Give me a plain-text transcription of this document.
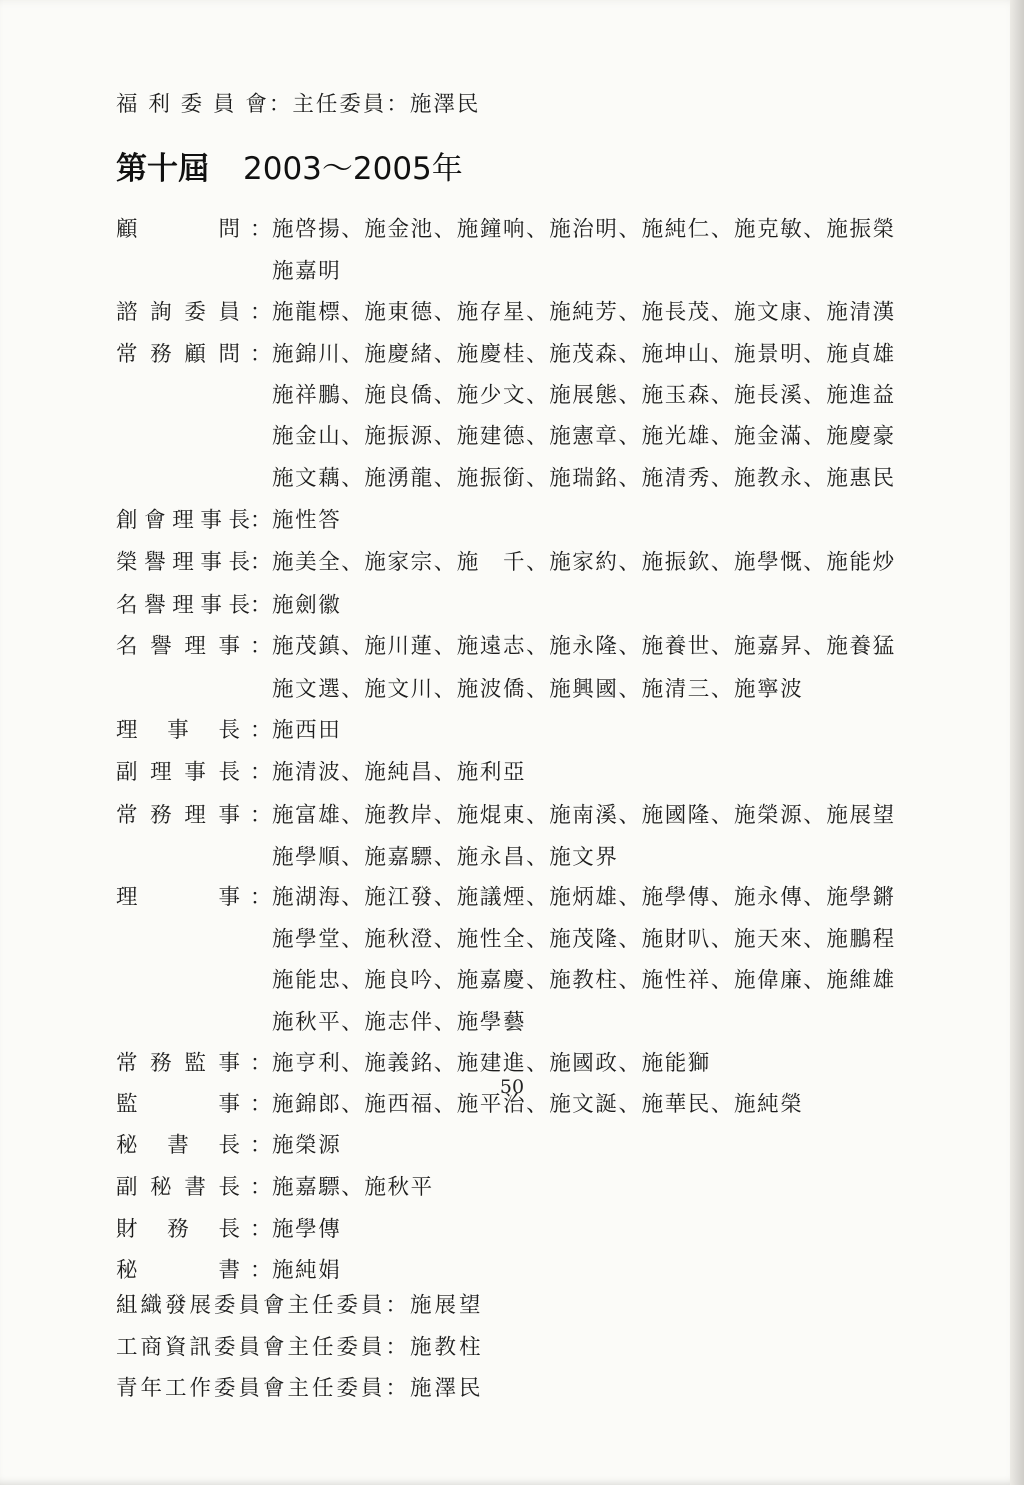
福 利 委 員 會：主任委員：施澤民
第十屆 2003～2005年
顧	問 ： 施啓揚、施金池、施鐘响、施治明、施純仁、施克敏、施振榮
施嘉明
諮 詢 委 員 ： 施龍標、施東德、施存星、施純芳、施長茂、施文康、施清漢
常 務 顧 問 ： 施錦川、施慶緒、施慶桂、施茂森、施坤山、施景明、施貞雄
施祥鵬、施良僑、施少文、施展態、施玉森、施長溪、施進益
施金山、施振源、施建德、施憲章、施光雄、施金滿、施慶豪
施文藕、施湧龍、施振銜、施瑞銘、施清秀、施教永、施惠民
創 會 理 事 長 ： 施性答
榮 譽 理 事 長 ： 施美全、施家宗、施　千、施家約、施振欽、施學慨、施能炒
名 譽 理 事 長 ： 施劍徽
名 譽 理 事 ： 施茂鎮、施川蓮、施遠志、施永隆、施養世、施嘉昇、施養猛
施文選、施文川、施波僑、施興國、施清三、施寧波
理 事 長 ： 施西田
副 理 事 長 ： 施清波、施純昌、施利亞
常 務 理 事 ： 施富雄、施教岸、施焜東、施南溪、施國隆、施榮源、施展望
施學順、施嘉驃、施永昌、施文界
理	事 ： 施湖海、施江發、施議煙、施炳雄、施學傳、施永傳、施學鏘
施學堂、施秋澄、施性全、施茂隆、施財叭、施天來、施鵬程
施能忠、施良吟、施嘉慶、施教柱、施性祥、施偉廉、施維雄
施秋平、施志伴、施學藝
常 務 監 事 ： 施亨利、施義銘、施建進、施國政、施能獅
監	事 ： 施錦郎、施西福、施平治、施文誕、施華民、施純榮
秘 書 長 ： 施榮源
副 秘 書 長 ： 施嘉驃、施秋平
財 務 長 ： 施學傳
秘	書 ： 施純娟
組織發展委員會主任委員：施展望
工商資訊委員會主任委員：施教柱
青年工作委員會主任委員：施澤民
50
